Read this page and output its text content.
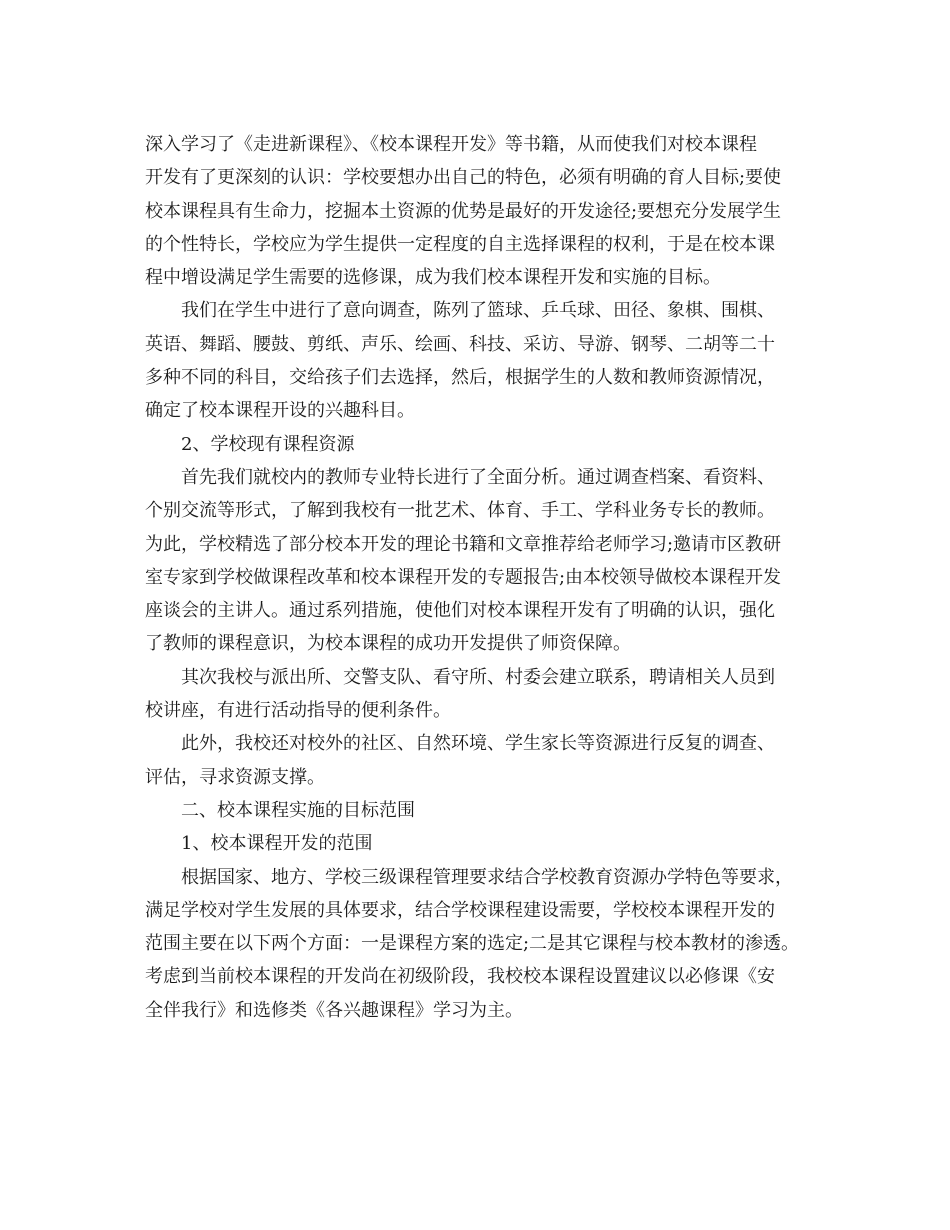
深入学习了《走进新课程》、《校本课程开发》等书籍，从而使我们对校本课程
开发有了更深刻的认识：学校要想办出自己的特色，必须有明确的育人目标;要使
校本课程具有生命力，挖掘本土资源的优势是最好的开发途径;要想充分发展学生
的个性特长，学校应为学生提供一定程度的自主选择课程的权利，于是在校本课
程中增设满足学生需要的选修课，成为我们校本课程开发和实施的目标。
我们在学生中进行了意向调查，陈列了篮球、乒乓球、田径、象棋、围棋、
英语、舞蹈、腰鼓、剪纸、声乐、绘画、科技、采访、导游、钢琴、二胡等二十
多种不同的科目，交给孩子们去选择，然后，根据学生的人数和教师资源情况，
确定了校本课程开设的兴趣科目。
2、学校现有课程资源
首先我们就校内的教师专业特长进行了全面分析。通过调查档案、看资料、
个别交流等形式，了解到我校有一批艺术、体育、手工、学科业务专长的教师。
为此，学校精选了部分校本开发的理论书籍和文章推荐给老师学习;邀请市区教研
室专家到学校做课程改革和校本课程开发的专题报告;由本校领导做校本课程开发
座谈会的主讲人。通过系列措施，使他们对校本课程开发有了明确的认识，强化
了教师的课程意识，为校本课程的成功开发提供了师资保障。
其次我校与派出所、交警支队、看守所、村委会建立联系，聘请相关人员到
校讲座，有进行活动指导的便利条件。
此外，我校还对校外的社区、自然环境、学生家长等资源进行反复的调查、
评估，寻求资源支撑。
二、校本课程实施的目标范围
1、校本课程开发的范围
根据国家、地方、学校三级课程管理要求结合学校教育资源办学特色等要求，
满足学校对学生发展的具体要求，结合学校课程建设需要，学校校本课程开发的
范围主要在以下两个方面：一是课程方案的选定;二是其它课程与校本教材的渗透。
考虑到当前校本课程的开发尚在初级阶段，我校校本课程设置建议以必修课《安
全伴我行》和选修类《各兴趣课程》学习为主。
